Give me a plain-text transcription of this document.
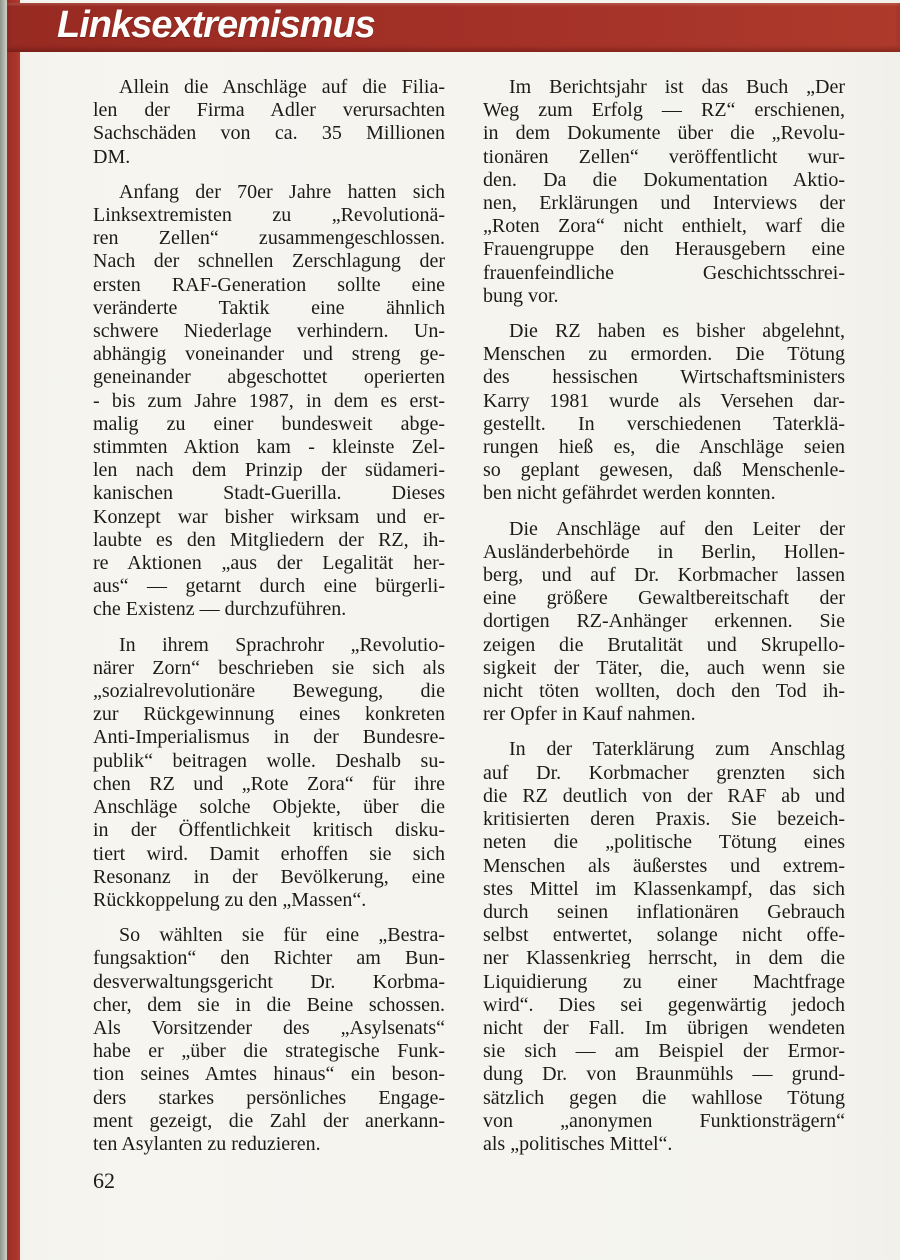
Linksextremismus
Allein die Anschläge auf die Filia-
len der Firma Adler verursachten
Sachschäden von ca. 35 Millionen
DM.
Anfang der 70er Jahre hatten sich
Linksextremisten zu „Revolutionä-
ren Zellen“ zusammengeschlossen.
Nach der schnellen Zerschlagung der
ersten RAF-Generation sollte eine
veränderte Taktik eine ähnlich
schwere Niederlage verhindern. Un-
abhängig voneinander und streng ge-
geneinander abgeschottet operierten
- bis zum Jahre 1987, in dem es erst-
malig zu einer bundesweit abge-
stimmten Aktion kam - kleinste Zel-
len nach dem Prinzip der südameri-
kanischen Stadt-Guerilla. Dieses
Konzept war bisher wirksam und er-
laubte es den Mitgliedern der RZ, ih-
re Aktionen „aus der Legalität her-
aus“ — getarnt durch eine bürgerli-
che Existenz — durchzuführen.
In ihrem Sprachrohr „Revolutio-
närer Zorn“ beschrieben sie sich als
„sozialrevolutionäre Bewegung, die
zur Rückgewinnung eines konkreten
Anti-Imperialismus in der Bundesre-
publik“ beitragen wolle. Deshalb su-
chen RZ und „Rote Zora“ für ihre
Anschläge solche Objekte, über die
in der Öffentlichkeit kritisch disku-
tiert wird. Damit erhoffen sie sich
Resonanz in der Bevölkerung, eine
Rückkoppelung zu den „Massen“.
So wählten sie für eine „Bestra-
fungsaktion“ den Richter am Bun-
desverwaltungsgericht Dr. Korbma-
cher, dem sie in die Beine schossen.
Als Vorsitzender des „Asylsenats“
habe er „über die strategische Funk-
tion seines Amtes hinaus“ ein beson-
ders starkes persönliches Engage-
ment gezeigt, die Zahl der anerkann-
ten Asylanten zu reduzieren.
Im Berichtsjahr ist das Buch „Der
Weg zum Erfolg — RZ“ erschienen,
in dem Dokumente über die „Revolu-
tionären Zellen“ veröffentlicht wur-
den. Da die Dokumentation Aktio-
nen, Erklärungen und Interviews der
„Roten Zora“ nicht enthielt, warf die
Frauengruppe den Herausgebern eine
frauenfeindliche Geschichtsschrei-
bung vor.
Die RZ haben es bisher abgelehnt,
Menschen zu ermorden. Die Tötung
des hessischen Wirtschaftsministers
Karry 1981 wurde als Versehen dar-
gestellt. In verschiedenen Taterklä-
rungen hieß es, die Anschläge seien
so geplant gewesen, daß Menschenle-
ben nicht gefährdet werden konnten.
Die Anschläge auf den Leiter der
Ausländerbehörde in Berlin, Hollen-
berg, und auf Dr. Korbmacher lassen
eine größere Gewaltbereitschaft der
dortigen RZ-Anhänger erkennen. Sie
zeigen die Brutalität und Skrupello-
sigkeit der Täter, die, auch wenn sie
nicht töten wollten, doch den Tod ih-
rer Opfer in Kauf nahmen.
In der Taterklärung zum Anschlag
auf Dr. Korbmacher grenzten sich
die RZ deutlich von der RAF ab und
kritisierten deren Praxis. Sie bezeich-
neten die „politische Tötung eines
Menschen als äußerstes und extrem-
stes Mittel im Klassenkampf, das sich
durch seinen inflationären Gebrauch
selbst entwertet, solange nicht offe-
ner Klassenkrieg herrscht, in dem die
Liquidierung zu einer Machtfrage
wird“. Dies sei gegenwärtig jedoch
nicht der Fall. Im übrigen wendeten
sie sich — am Beispiel der Ermor-
dung Dr. von Braunmühls — grund-
sätzlich gegen die wahllose Tötung
von „anonymen Funktionsträgern“
als „politisches Mittel“.
62
